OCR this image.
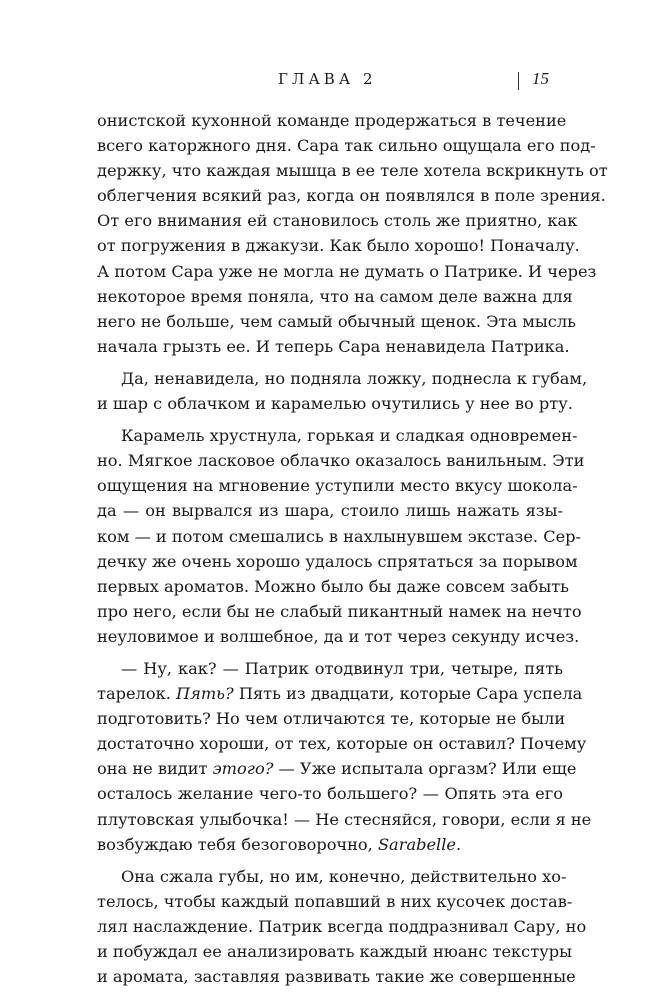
ГЛАВА 2	15
онистской кухонной команде продержаться в течение
всего каторжного дня. Сара так сильно ощущала его под-
держку, что каждая мышца в ее теле хотела вскрикнуть от
облегчения всякий раз, когда он появлялся в поле зрения.
От его внимания ей становилось столь же приятно, как
от погружения в джакузи. Как было хорошо! Поначалу.
А потом Сара уже не могла не думать о Патрике. И через
некоторое время поняла, что на самом деле важна для
него не больше, чем самый обычный щенок. Эта мысль
начала грызть ее. И теперь Сара ненавидела Патрика.
Да, ненавидела, но подняла ложку, поднесла к губам,
и шар с облачком и карамелью очутились у нее во рту.
Карамель хрустнула, горькая и сладкая одновремен-
но. Мягкое ласковое облачко оказалось ванильным. Эти
ощущения на мгновение уступили место вкусу шокола-
да — он вырвался из шара, стоило лишь нажать язы-
ком — и потом смешались в нахлынувшем экстазе. Сер-
дечку же очень хорошо удалось спрятаться за порывом
первых ароматов. Можно было бы даже совсем забыть
про него, если бы не слабый пикантный намек на нечто
неуловимое и волшебное, да и тот через секунду исчез.
— Ну, как? — Патрик отодвинул три, четыре, пять
тарелок. Пять? Пять из двадцати, которые Сара успела
подготовить? Но чем отличаются те, которые не были
достаточно хороши, от тех, которые он оставил? Почему
она не видит этого? — Уже испытала оргазм? Или еще
осталось желание чего-то большего? — Опять эта его
плутовская улыбочка! — Не стесняйся, говори, если я не
возбуждаю тебя безоговорочно, Sarabelle.
Она сжала губы, но им, конечно, действительно хо-
телось, чтобы каждый попавший в них кусочек достав-
лял наслаждение. Патрик всегда поддразнивал Сару, но
и побуждал ее анализировать каждый нюанс текстуры
и аромата, заставляя развивать такие же совершенные
